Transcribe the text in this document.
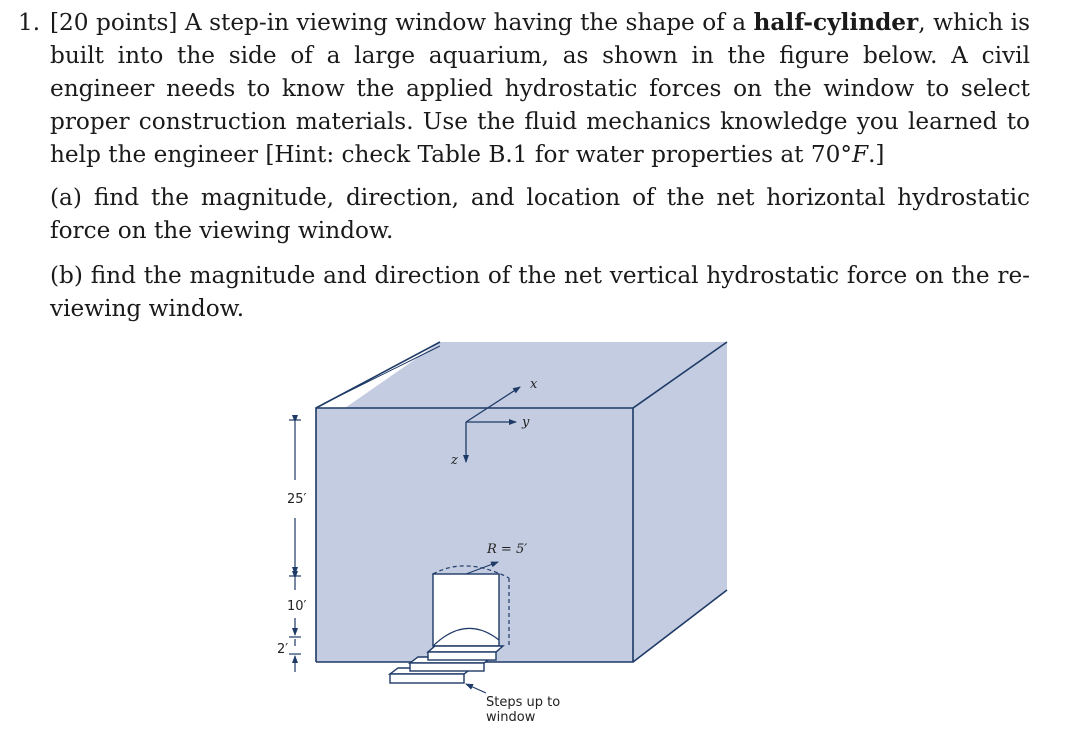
1. [20 points] A step-in viewing window having the shape of a half-cylinder, which is built into the side of a large aquarium, as shown in the figure below. A civil engineer needs to know the applied hydrostatic forces on the window to select proper construction materials. Use the fluid mechanics knowledge you learned to help the engineer [Hint: check Table B.1 for water properties at 70°F.]
(a) find the magnitude, direction, and location of the net horizontal hydrostatic force on the viewing window.
(b) find the magnitude and direction of the net vertical hydrostatic force on the re-viewing window.
x
y
z
R = 5′
Steps up to
window
25′
10′
2′
